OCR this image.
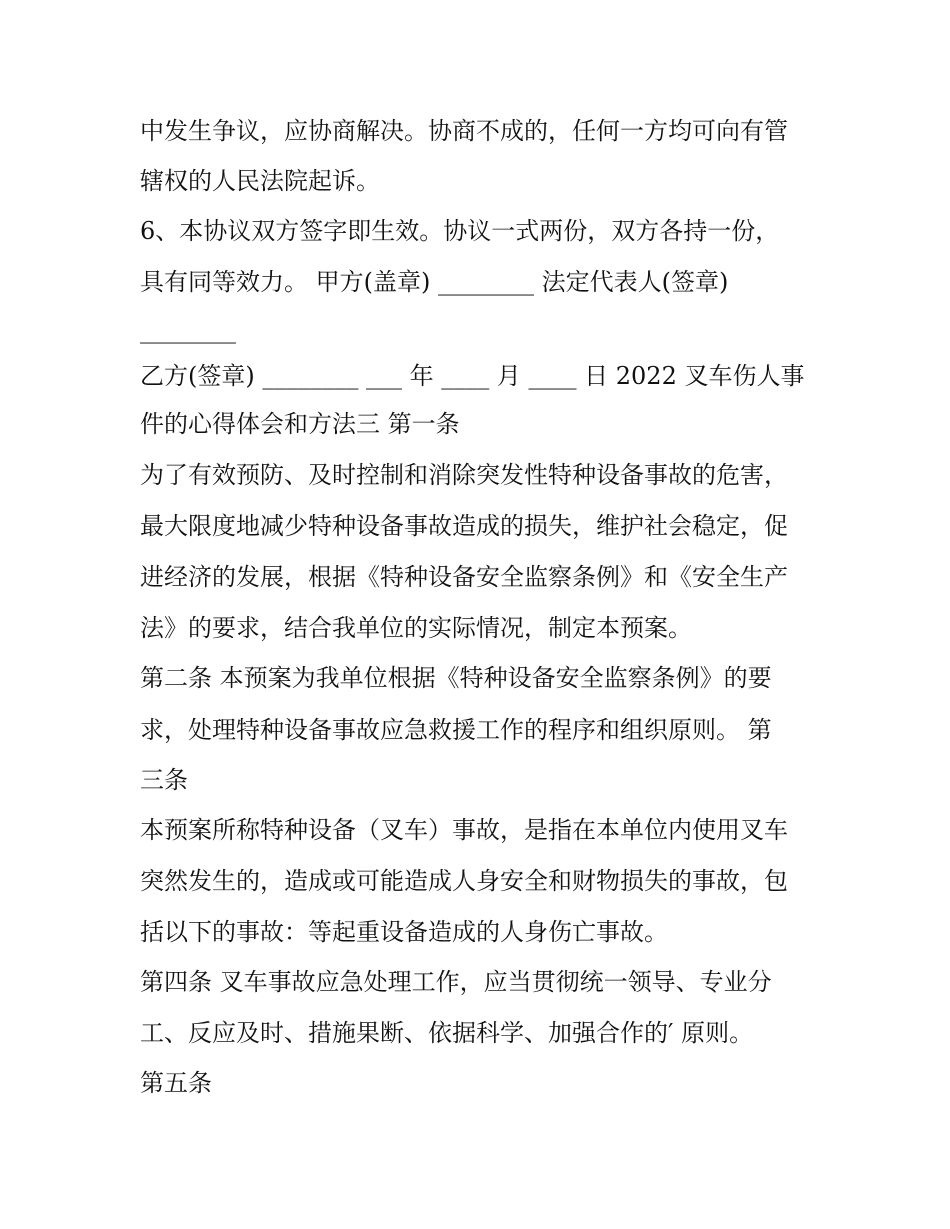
中发生争议，应协商解决。协商不成的，任何一方均可向有管
辖权的人民法院起诉。
6、本协议双方签字即生效。协议一式两份，双方各持一份，
具有同等效力。 甲方(盖章) ________ 法定代表人(签章)
________
乙方(签章) ________ ___ 年 ____ 月 ____ 日 2022 叉车伤人事
件的心得体会和方法三 第一条
为了有效预防、及时控制和消除突发性特种设备事故的危害，
最大限度地减少特种设备事故造成的损失，维护社会稳定，促
进经济的发展，根据《特种设备安全监察条例》和《安全生产
法》的要求，结合我单位的实际情况，制定本预案。
第二条 本预案为我单位根据《特种设备安全监察条例》的要
求，处理特种设备事故应急救援工作的程序和组织原则。 第
三条
本预案所称特种设备（叉车）事故，是指在本单位内使用叉车
突然发生的，造成或可能造成人身安全和财物损失的事故，包
括以下的事故：等起重设备造成的人身伤亡事故。
第四条 叉车事故应急处理工作，应当贯彻统一领导、专业分
工、反应及时、措施果断、依据科学、加强合作的′ 原则。
第五条
